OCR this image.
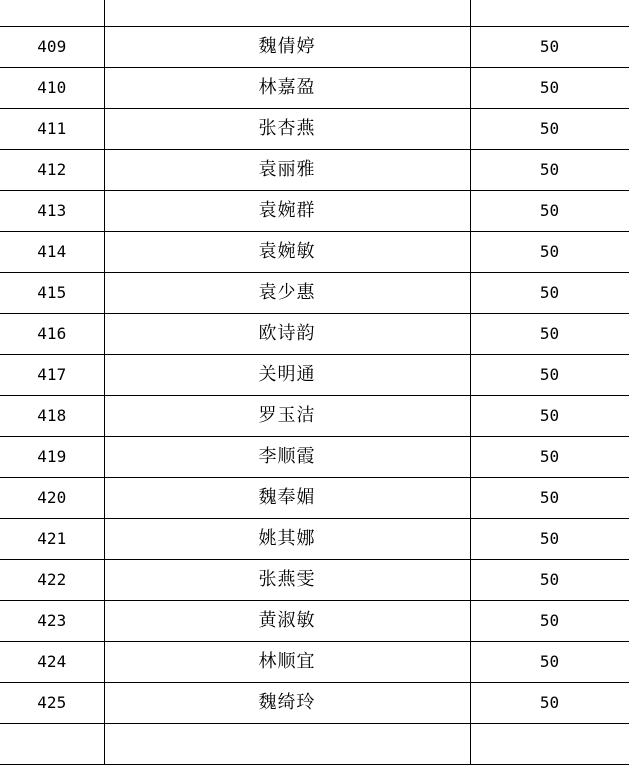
409	魏倩婷	50
410	林嘉盈	50
411	张杏燕	50
412	袁丽雅	50
413	袁婉群	50
414	袁婉敏	50
415	袁少惠	50
416	欧诗韵	50
417	关明通	50
418	罗玉洁	50
419	李顺霞	50
420	魏奉媚	50
421	姚其娜	50
422	张燕雯	50
423	黄淑敏	50
424	林顺宜	50
425	魏绮玲	50
